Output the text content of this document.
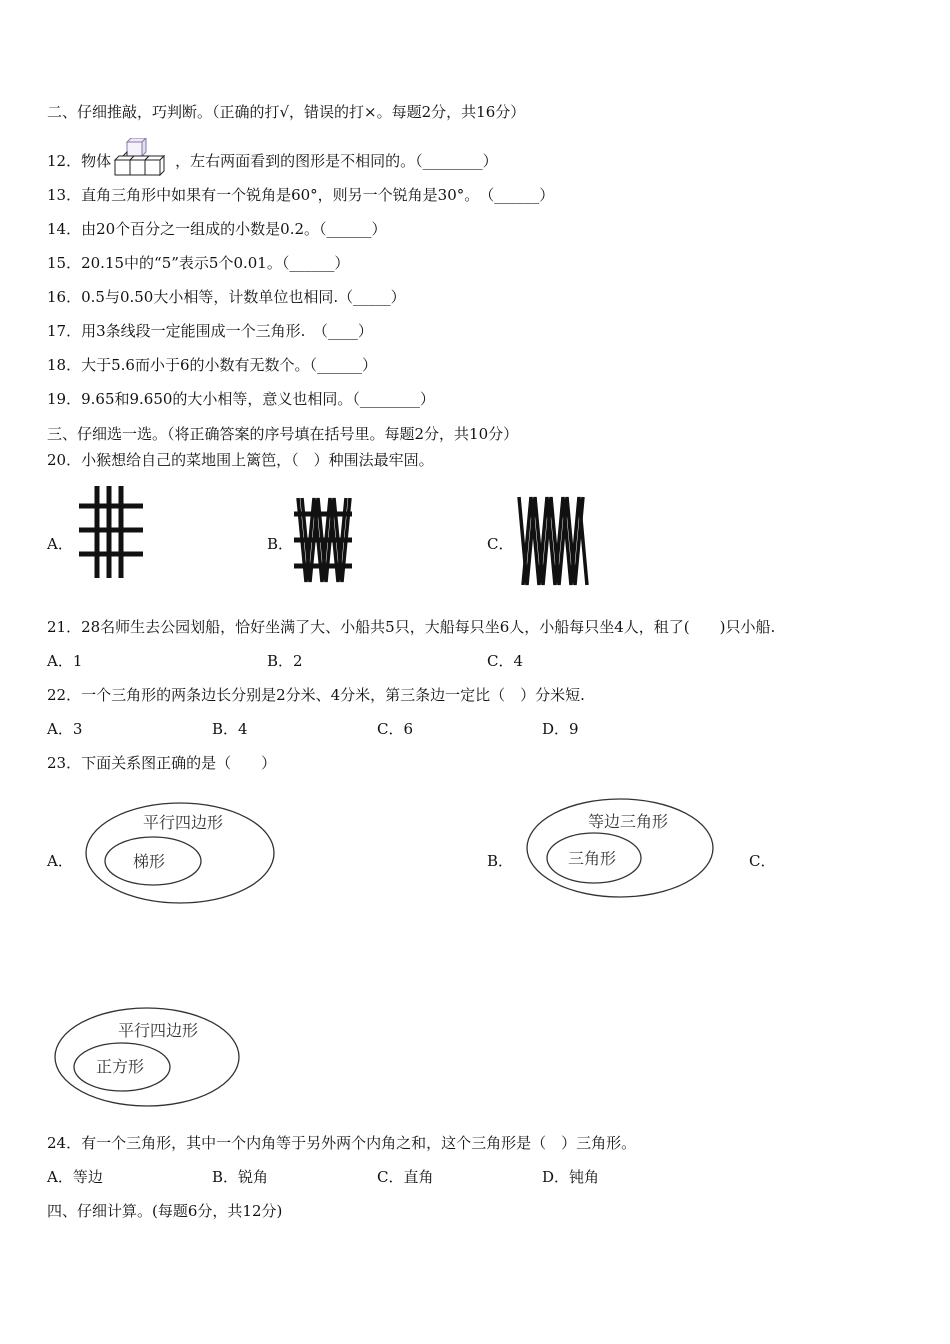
二、仔细推敲，巧判断。（正确的打√，错误的打×。每题2分，共16分）
12．物体	，左右两面看到的图形是不相同的。（________）
13．直角三角形中如果有一个锐角是60°，则另一个锐角是30°。　（______）
14．由20个百分之一组成的小数是0.2。（______）
15．20.15中的“5”表示5个0.01。（______）
16．0.5与0.50大小相等，计数单位也相同.（_____）
17．用3条线段一定能围成一个三角形.　（____）
18．大于5.6而小于6的小数有无数个。（______）
19．9.65和9.650的大小相等，意义也相同。（________）
三、仔细选一选。（将正确答案的序号填在括号里。每题2分，共10分）
20．小猴想给自己的菜地围上篱笆，（　）种围法最牢固。
A．	B．	C．
21．28名师生去公园划船，恰好坐满了大、小船共5只，大船每只坐6人，小船每只坐4人，租了(　　)只小船.
A．1	B．2	C．4
22．一个三角形的两条边长分别是2分米、4分米，第三条边一定比（　）分米短.
A．3	B．4	C．6	D．9
23．下面关系图正确的是（　　）
A．
平行四边形
梯形	B．
等边三角形
三角形	C．
平行四边形
正方形
24．有一个三角形，其中一个内角等于另外两个内角之和，这个三角形是（　）三角形。
A．等边	B．锐角	C．直角	D．钝角
四、仔细计算。(每题6分，共12分)
